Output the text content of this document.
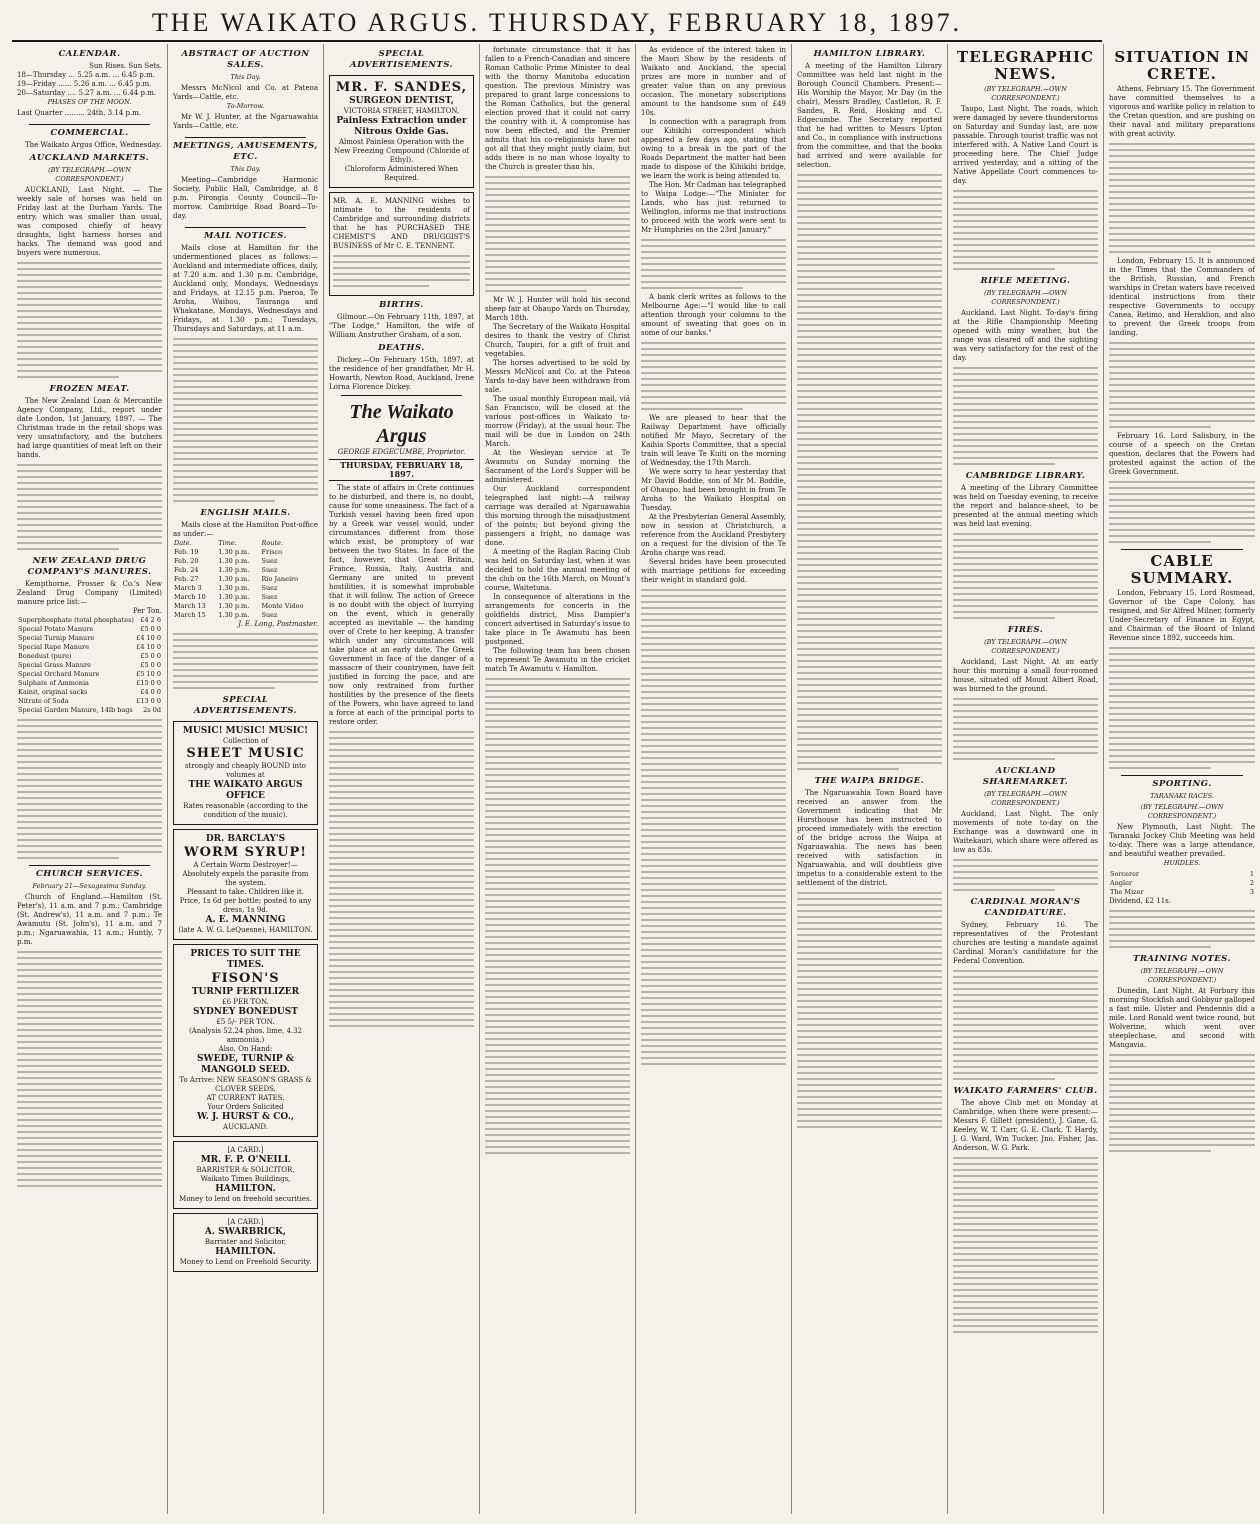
THE WAIKATO ARGUS. THURSDAY, FEBRUARY 18, 1897.
CALENDAR.
Sun Rises. Sun Sets.
18—Thursday ... 5.25 a.m. ... 6.45 p.m.
19—Friday ...... 5.26 a.m. ... 6.45 p.m.
20—Saturday .... 5.27 a.m. ... 6.44 p.m.
PHASES OF THE MOON.
Last Quarter ......... 24th, 3.14 p.m.
COMMERCIAL.
The Waikato Argus Office, Wednesday.
AUCKLAND MARKETS.
(BY TELEGRAPH.—OWN CORRESPONDENT.)
AUCKLAND, Last Night. — The weekly sale of horses was held on Friday last at the Durham Yards. The entry, which was smaller than usual, was composed chiefly of heavy draughts, light harness horses and hacks. The demand was good and buyers were numerous.
FROZEN MEAT.
The New Zealand Loan & Mercantile Agency Company, Ltd., report under date London, 1st January, 1897. — The Christmas trade in the retail shops was very unsatisfactory, and the butchers had large quantities of meat left on their hands.
NEW ZEALAND DRUG COMPANY'S MANURES.
Kempthorne, Prosser & Co.'s New Zealand Drug Company (Limited) manure price list:—
Per Ton.
Superphosphate (total phosphates)	£4 2 6
Special Potato Manure	£5 0 0
Special Turnip Manure	£4 10 0
Special Rape Manure	£4 10 0
Bonedust (pure)	£5 0 0
Special Grass Manure	£5 0 0
Special Orchard Manure	£5 10 0
Sulphate of Ammonia	£15 0 0
Kainit, original sacks	£4 0 0
Nitrate of Soda	£13 0 0
Special Garden Manure, 14lb bags	2s 0d
CHURCH SERVICES.
February 21—Sexagesima Sunday.
Church of England.—Hamilton (St. Peter's), 11 a.m. and 7 p.m.; Cambridge (St. Andrew's), 11 a.m. and 7 p.m.; Te Awamutu (St. John's), 11 a.m. and 7 p.m.; Ngaruawahia, 11 a.m.; Huntly, 7 p.m.
ABSTRACT OF AUCTION SALES.
This Day.
Messrs McNicol and Co. at Pateoa Yards—Cattle, etc.
To-Morrow.
Mr W. J. Hunter, at the Ngaruawahia Yards—Cattle, etc.
MEETINGS, AMUSEMENTS, ETC.
This Day.
Meeting—Cambridge Harmonic Society, Public Hall, Cambridge, at 8 p.m. Pirongia County Council—To-morrow. Cambridge Road Board—To-day.
MAIL NOTICES.
Mails close at Hamilton for the undermentioned places as follows:— Auckland and intermediate offices, daily, at 7.20 a.m. and 1.30 p.m. Cambridge, Auckland only, Mondays, Wednesdays and Fridays, at 12.15 p.m. Paeroa, Te Aroha, Waihou, Tauranga and Whakatane, Mondays, Wednesdays and Fridays, at 1.30 p.m.; Tuesdays, Thursdays and Saturdays, at 11 a.m.
ENGLISH MAILS.
Mails close at the Hamilton Post-office as under:—
Date.	Time.	Route.
Feb. 19	1.30 p.m.	Frisco
Feb. 20	1.30 p.m.	Suez
Feb. 24	1.30 p.m.	Suez
Feb. 27	1.30 p.m.	Rio Janeiro
March 3	1.30 p.m.	Suez
March 10	1.30 p.m.	Suez
March 13	1.30 p.m.	Monte Video
March 15	1.30 p.m.	Suez
J. E. Long, Postmaster.
SPECIAL ADVERTISEMENTS.
MUSIC! MUSIC! MUSIC!
Collection of
SHEET MUSIC
strongly and cheaply BOUND into volumes at
THE WAIKATO ARGUS OFFICE
Rates reasonable (according to the condition of the music).
DR. BARCLAY'S
WORM SYRUP!
A Certain Worm Destroyer!— Absolutely expels the parasite from the system.
Pleasant to take. Children like it. Price, 1s 6d per bottle; posted to any dress, 1s 9d.
A. E. MANNING
(late A. W. G. LeQuesne), HAMILTON.
PRICES TO SUIT THE TIMES.
FISON'S
TURNIP FERTILIZER
£6 PER TON.
SYDNEY BONEDUST
£5 5/- PER TON.
(Analysis 52.24 phos. lime, 4.32 ammonia.)
Also, On Hand:
SWEDE, TURNIP & MANGOLD SEED.
To Arrive: NEW SEASON'S GRASS & CLOVER SEEDS,
AT CURRENT RATES.
Your Orders Solicited
W. J. HURST & CO.,
AUCKLAND.
[A CARD.]
MR. F. P. O'NEILL
BARRISTER & SOLICITOR,
Waikato Times Buildings,
HAMILTON.
Money to lend on freehold securities.
[A CARD.]
A. SWARBRICK,
Barrister and Solicitor,
HAMILTON.
Money to Lend on Freehold Security.
SPECIAL ADVERTISEMENTS.
MR. F. SANDES,
SURGEON DENTIST,
VICTORIA STREET, HAMILTON,
Painless Extraction under Nitrous Oxide Gas.
Almost Painless Operation with the New Freezing Compound (Chloride of Ethyl).
Chloroform Administered When Required.
MR. A. E. MANNING wishes to intimate to the residents of Cambridge and surrounding districts that he has PURCHASED THE CHEMIST'S AND DRUGGIST'S BUSINESS of Mr C. E. TENNENT.
BIRTHS.
Gilmour.—On February 11th, 1897, at "The Lodge," Hamilton, the wife of William Anstruther Graham, of a son.
DEATHS.
Dickey.—On February 15th, 1897, at the residence of her grandfather, Mr H. Howarth, Newton Road, Auckland, Irene Lorna Florence Dickey.
The Waikato Argus
GEORGE EDGECUMBE, Proprietor.
THURSDAY, FEBRUARY 18, 1897.
The state of affairs in Crete continues to be disturbed, and there is, no doubt, cause for some uneasiness. The fact of a Turkish vessel having been fired upon by a Greek war vessel would, under circumstances different from those which exist, be promptory of war between the two States. In face of the fact, however, that Great Britain, France, Russia, Italy, Austria and Germany are united to prevent hostilities, it is somewhat improbable that it will follow. The action of Greece is no doubt with the object of hurrying on the event, which is generally accepted as inevitable — the handing over of Crete to her keeping. A transfer which under any circumstances will take place at an early date. The Greek Government in face of the danger of a massacre of their countrymen, have felt justified in forcing the pace, and are now only restrained from further hostilities by the presence of the fleets of the Powers, who have agreed to land a force at each of the principal ports to restore order.
fortunate circumstance that it has fallen to a French-Canadian and sincere Roman Catholic Prime Minister to deal with the thorny Manitoba education question. The previous Ministry was prepared to grant large concessions to the Roman Catholics, but the general election proved that it could not carry the country with it. A compromise has now been effected, and the Premier admits that his co-religionists have not got all that they might justly claim, but adds there is no man whose loyalty to the Church is greater than his.
Mr W. J. Hunter will hold his second sheep fair at Ohaupo Yards on Thursday, March 18th.
The Secretary of the Waikato Hospital desires to thank the vestry of Christ Church, Taupiri, for a gift of fruit and vegetables.
The horses advertised to be sold by Messrs McNicol and Co. at the Pateoa Yards to-day have been withdrawn from sale.
The usual monthly European mail, viâ San Francisco, will be closed at the various post-offices in Waikato to-morrow (Friday), at the usual hour. The mail will be due in London on 24th March.
At the Wesleyan service at Te Awamutu on Sunday morning the Sacrament of the Lord's Supper will be administered.
Our Auckland correspondent telegraphed last night:—A railway carriage was derailed at Ngaruawahia this morning through the misadjustment of the points; but beyond giving the passengers a fright, no damage was done.
A meeting of the Raglan Racing Club was held on Saturday last, when it was decided to hold the annual meeting of the club on the 16th March, on Mount's course, Waitetuna.
In consequence of alterations in the arrangements for concerts in the goldfields district, Miss Dampier's concert advertised in Saturday's issue to take place in Te Awamutu has been postponed.
The following team has been chosen to represent Te Awamutu in the cricket match Te Awamutu v. Hamilton.
As evidence of the interest taken in the Maori Show by the residents of Waikato and Auckland, the special prizes are more in number and of greater value than on any previous occasion. The monetary subscriptions amount to the handsome sum of £49 10s.
In connection with a paragraph from our Kihikihi correspondent which appeared a few days ago, stating that owing to a break in the part of the Roads Department the matter had been made to dispose of the Kihikihi bridge, we learn the work is being attended to.
The Hon. Mr Cadman has telegraphed to Waipa Lodge:—"The Minister for Lands, who has just returned to Wellington, informs me that instructions to proceed with the work were sent to Mr Humphries on the 23rd January."
A bank clerk writes as follows to the Melbourne Age:—"I would like to call attention through your columns to the amount of sweating that goes on in some of our banks."
We are pleased to hear that the Railway Department have officially notified Mr Mayo, Secretary of the Kaihia Sports Committee, that a special train will leave Te Kuiti on the morning of Wednesday, the 17th March.
We were sorry to hear yesterday that Mr David Boddie, son of Mr M. Boddie, of Ohaupo, had been brought in from Te Aroha to the Waikato Hospital on Tuesday.
At the Presbyterian General Assembly, now in session at Christchurch, a reference from the Auckland Presbytery on a request for the division of the Te Aroha charge was read.
Several brides have been prosecuted with marriage petitions for exceeding their weight in standard gold.
HAMILTON LIBRARY.
A meeting of the Hamilton Library Committee was held last night in the Borough Council Chambers. Present:—His Worship the Mayor, Mr Day (in the chair), Messrs Bradley, Castleton, R. F. Sandes, R. Reid, Hosking and C. Edgecumbe. The Secretary reported that he had written to Messrs Upton and Co., in compliance with instructions from the committee, and that the books had arrived and were available for selection.
THE WAIPA BRIDGE.
The Ngaruawahia Town Board have received an answer from the Government indicating that Mr Hursthouse has been instructed to proceed immediately with the erection of the bridge across the Waipa at Ngaruawahia. The news has been received with satisfaction in Ngaruawahia, and will doubtless give impetus to a considerable extent to the settlement of the district.
TELEGRAPHIC NEWS.
(BY TELEGRAPH.—OWN CORRESPONDENT.)
Taupo, Last Night. The roads, which were damaged by severe thunderstorms on Saturday and Sunday last, are now passable. Through tourist traffic was not interfered with. A Native Land Court is proceeding here. The Chief Judge arrived yesterday, and a sitting of the Native Appellate Court commences to-day.
RIFLE MEETING.
(BY TELEGRAPH.—OWN CORRESPONDENT.)
Auckland, Last Night. To-day's firing at the Rifle Championship Meeting opened with miny weather, but the range was cleared off and the sighting was very satisfactory for the rest of the day.
CAMBRIDGE LIBRARY.
A meeting of the Library Committee was held on Tuesday evening, to receive the report and balance-sheet, to be presented at the annual meeting which was held last evening.
FIRES.
(BY TELEGRAPH.—OWN CORRESPONDENT.)
Auckland, Last Night. At an early hour this morning a small four-roomed house, situated off Mount Albert Road, was burned to the ground.
AUCKLAND SHAREMARKET.
(BY TELEGRAPH.—OWN CORRESPONDENT.)
Auckland, Last Night. The only movements of note to-day on the Exchange was a downward one in Waitekauri, which share were offered as low as 83s.
CARDINAL MORAN'S CANDIDATURE.
Sydney, February 16. The representatives of the Protestant churches are testing a mandate against Cardinal Moran's candidature for the Federal Convention.
WAIKATO FARMERS' CLUB.
The above Club met on Monday at Cambridge, when there were present:—Messrs F. Gillett (president), J. Gane, G. Keeley, W. T. Carr, G. E. Clark, T. Hardy, J. G. Ward, Wm Tucker, Jno. Fisher, Jas. Anderson, W. G. Park.
SITUATION IN CRETE.
Athens, February 15. The Government have committed themselves to a vigorous and warlike policy in relation to the Cretan question, and are pushing on their naval and military preparations with great activity.
London, February 15. It is announced in the Times that the Commanders of the British, Russian, and French warships in Cretan waters have received identical instructions from their respective Governments to occupy Canea, Retimo, and Heraklion, and also to prevent the Greek troops from landing.
February 16. Lord Salisbury, in the course of a speech on the Cretan question, declares that the Powers had protested against the action of the Greek Government.
CABLE SUMMARY.
London, February 15. Lord Rosmead, Governor of the Cape Colony, has resigned, and Sir Alfred Milner, formerly Under-Secretary of Finance in Egypt, and Chairman of the Board of Inland Revenue since 1892, succeeds him.
SPORTING.
TARANAKI RACES.
(BY TELEGRAPH.—OWN CORRESPONDENT.)
New Plymouth, Last Night. The Taranaki Jockey Club Meeting was held to-day. There was a large attendance, and beautiful weather prevailed.
HURDLES.
Sorcerer	1
Angler	2
The Mizer	3
Dividend, £2 11s.
TRAINING NOTES.
(BY TELEGRAPH.—OWN CORRESPONDENT.)
Dunedin, Last Night. At Forbury this morning Stockfish and Gobbyur galloped a fast mile. Ulster and Pendennis did a mile. Lord Ronald went twice round, but Wolverine, which went over steeplechase, and second with Mangavia.
